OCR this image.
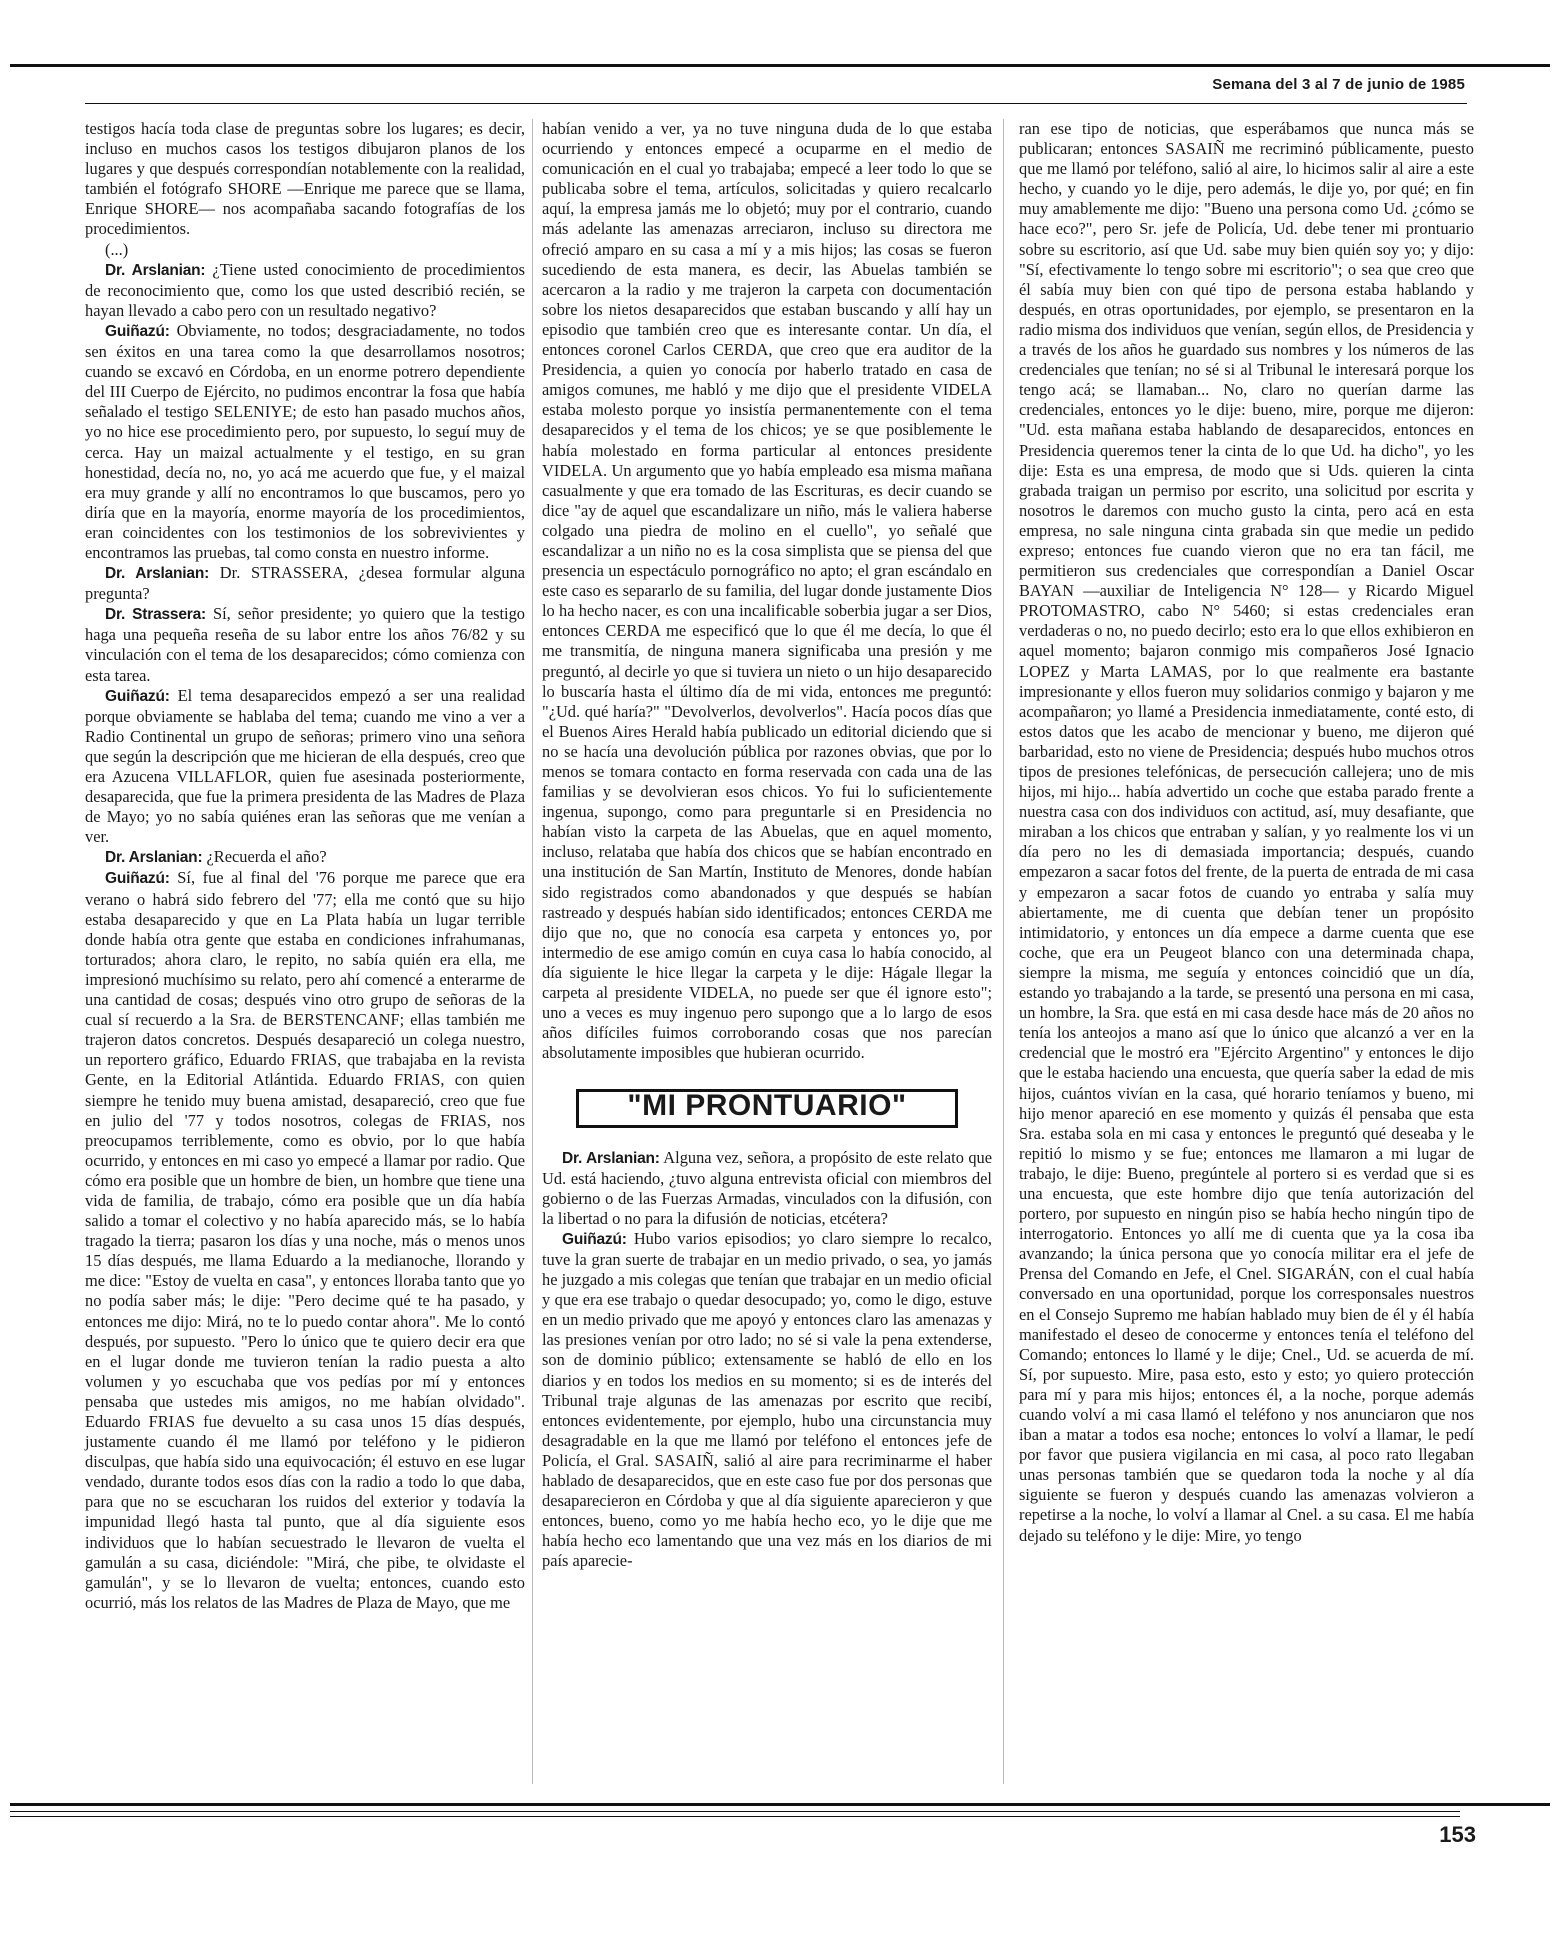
Semana del 3 al 7 de junio de 1985

testigos hacía toda clase de preguntas sobre los lugares; es decir, incluso en muchos casos los testigos dibujaron planos de los lugares y que después correspondían notablemente con la realidad, también el fotógrafo SHORE —Enrique me parece que se llama, Enrique SHORE— nos acompañaba sacando fotografías de los procedimientos.

(...)

Dr. Arslanian: ¿Tiene usted conocimiento de procedimientos de reconocimiento que, como los que usted describió recién, se hayan llevado a cabo pero con un resultado negativo?

Guiñazú: Obviamente, no todos; desgraciadamente, no todos sen éxitos en una tarea como la que desarrollamos nosotros; cuando se excavó en Córdoba, en un enorme potrero dependiente del III Cuerpo de Ejército, no pudimos encontrar la fosa que había señalado el testigo SELENIYE; de esto han pasado muchos años, yo no hice ese procedimiento pero, por supuesto, lo seguí muy de cerca. Hay un maizal actualmente y el testigo, en su gran honestidad, decía no, no, yo acá me acuerdo que fue, y el maizal era muy grande y allí no encontramos lo que buscamos, pero yo diría que en la mayoría, enorme mayoría de los procedimientos, eran coincidentes con los testimonios de los sobrevivientes y encontramos las pruebas, tal como consta en nuestro informe.

Dr. Arslanian: Dr. STRASSERA, ¿desea formular alguna pregunta?

Dr. Strassera: Sí, señor presidente; yo quiero que la testigo haga una pequeña reseña de su labor entre los años 76/82 y su vinculación con el tema de los desaparecidos; cómo comienza con esta tarea.

Guiñazú: El tema desaparecidos empezó a ser una realidad porque obviamente se hablaba del tema; cuando me vino a ver a Radio Continental un grupo de señoras; primero vino una señora que según la descripción que me hicieran de ella después, creo que era Azucena VILLAFLOR, quien fue asesinada posteriormente, desaparecida, que fue la primera presidenta de las Madres de Plaza de Mayo; yo no sabía quiénes eran las señoras que me venían a ver.

Dr. Arslanian: ¿Recuerda el año?

Guiñazú: Sí, fue al final del '76 porque me parece que era verano o habrá sido febrero del '77; ella me contó que su hijo estaba desaparecido y que en La Plata había un lugar terrible donde había otra gente que estaba en condiciones infrahumanas, torturados; ahora claro, le repito, no sabía quién era ella, me impresionó muchísimo su relato, pero ahí comencé a enterarme de una cantidad de cosas; después vino otro grupo de señoras de la cual sí recuerdo a la Sra. de BERSTENCANF; ellas también me trajeron datos concretos. Después desapareció un colega nuestro, un reportero gráfico, Eduardo FRIAS, que trabajaba en la revista Gente, en la Editorial Atlántida. Eduardo FRIAS, con quien siempre he tenido muy buena amistad, desapareció, creo que fue en julio del '77 y todos nosotros, colegas de FRIAS, nos preocupamos terriblemente, como es obvio, por lo que había ocurrido, y entonces en mi caso yo empecé a llamar por radio. Que cómo era posible que un hombre de bien, un hombre que tiene una vida de familia, de trabajo, cómo era posible que un día había salido a tomar el colectivo y no había aparecido más, se lo había tragado la tierra; pasaron los días y una noche, más o menos unos 15 días después, me llama Eduardo a la medianoche, llorando y me dice: "Estoy de vuelta en casa", y entonces lloraba tanto que yo no podía saber más; le dije: "Pero decime qué te ha pasado, y entonces me dijo: Mirá, no te lo puedo contar ahora". Me lo contó después, por supuesto. "Pero lo único que te quiero decir era que en el lugar donde me tuvieron tenían la radio puesta a alto volumen y yo escuchaba que vos pedías por mí y entonces pensaba que ustedes mis amigos, no me habían olvidado". Eduardo FRIAS fue devuelto a su casa unos 15 días después, justamente cuando él me llamó por teléfono y le pidieron disculpas, que había sido una equivocación; él estuvo en ese lugar vendado, durante todos esos días con la radio a todo lo que daba, para que no se escucharan los ruidos del exterior y todavía la impunidad llegó hasta tal punto, que al día siguiente esos individuos que lo habían secuestrado le llevaron de vuelta el gamulán a su casa, diciéndole: "Mirá, che pibe, te olvidaste el gamulán", y se lo llevaron de vuelta; entonces, cuando esto ocurrió, más los relatos de las Madres de Plaza de Mayo, que me

habían venido a ver, ya no tuve ninguna duda de lo que estaba ocurriendo y entonces empecé a ocuparme en el medio de comunicación en el cual yo trabajaba; empecé a leer todo lo que se publicaba sobre el tema, artículos, solicitadas y quiero recalcarlo aquí, la empresa jamás me lo objetó; muy por el contrario, cuando más adelante las amenazas arreciaron, incluso su directora me ofreció amparo en su casa a mí y a mis hijos; las cosas se fueron sucediendo de esta manera, es decir, las Abuelas también se acercaron a la radio y me trajeron la carpeta con documentación sobre los nietos desaparecidos que estaban buscando y allí hay un episodio que también creo que es interesante contar. Un día, el entonces coronel Carlos CERDA, que creo que era auditor de la Presidencia, a quien yo conocía por haberlo tratado en casa de amigos comunes, me habló y me dijo que el presidente VIDELA estaba molesto porque yo insistía permanentemente con el tema desaparecidos y el tema de los chicos; ye se que posiblemente le había molestado en forma particular al entonces presidente VIDELA. Un argumento que yo había empleado esa misma mañana casualmente y que era tomado de las Escrituras, es decir cuando se dice "ay de aquel que escandalizare un niño, más le valiera haberse colgado una piedra de molino en el cuello", yo señalé que escandalizar a un niño no es la cosa simplista que se piensa del que presencia un espectáculo pornográfico no apto; el gran escándalo en este caso es separarlo de su familia, del lugar donde justamente Dios lo ha hecho nacer, es con una incalificable soberbia jugar a ser Dios, entonces CERDA me especificó que lo que él me decía, lo que él me transmitía, de ninguna manera significaba una presión y me preguntó, al decirle yo que si tuviera un nieto o un hijo desaparecido lo buscaría hasta el último día de mi vida, entonces me preguntó: "¿Ud. qué haría?" "Devolverlos, devolverlos". Hacía pocos días que el Buenos Aires Herald había publicado un editorial diciendo que si no se hacía una devolución pública por razones obvias, que por lo menos se tomara contacto en forma reservada con cada una de las familias y se devolvieran esos chicos. Yo fui lo suficientemente ingenua, supongo, como para preguntarle si en Presidencia no habían visto la carpeta de las Abuelas, que en aquel momento, incluso, relataba que había dos chicos que se habían encontrado en una institución de San Martín, Instituto de Menores, donde habían sido registrados como abandonados y que después se habían rastreado y después habían sido identificados; entonces CERDA me dijo que no, que no conocía esa carpeta y entonces yo, por intermedio de ese amigo común en cuya casa lo había conocido, al día siguiente le hice llegar la carpeta y le dije: Hágale llegar la carpeta al presidente VIDELA, no puede ser que él ignore esto"; uno a veces es muy ingenuo pero supongo que a lo largo de esos años difíciles fuimos corroborando cosas que nos parecían absolutamente imposibles que hubieran ocurrido.

"MI PRONTUARIO"

Dr. Arslanian: Alguna vez, señora, a propósito de este relato que Ud. está haciendo, ¿tuvo alguna entrevista oficial con miembros del gobierno o de las Fuerzas Armadas, vinculados con la difusión, con la libertad o no para la difusión de noticias, etcétera?

Guiñazú: Hubo varios episodios; yo claro siempre lo recalco, tuve la gran suerte de trabajar en un medio privado, o sea, yo jamás he juzgado a mis colegas que tenían que trabajar en un medio oficial y que era ese trabajo o quedar desocupado; yo, como le digo, estuve en un medio privado que me apoyó y entonces claro las amenazas y las presiones venían por otro lado; no sé si vale la pena extenderse, son de dominio público; extensamente se habló de ello en los diarios y en todos los medios en su momento; si es de interés del Tribunal traje algunas de las amenazas por escrito que recibí, entonces evidentemente, por ejemplo, hubo una circunstancia muy desagradable en la que me llamó por teléfono el entonces jefe de Policía, el Gral. SASAIÑ, salió al aire para recriminarme el haber hablado de desaparecidos, que en este caso fue por dos personas que desaparecieron en Córdoba y que al día siguiente aparecieron y que entonces, bueno, como yo me había hecho eco, yo le dije que me había hecho eco lamentando que una vez más en los diarios de mi país aparecie-

ran ese tipo de noticias, que esperábamos que nunca más se publicaran; entonces SASAIÑ me recriminó públicamente, puesto que me llamó por teléfono, salió al aire, lo hicimos salir al aire a este hecho, y cuando yo le dije, pero además, le dije yo, por qué; en fin muy amablemente me dijo: "Bueno una persona como Ud. ¿cómo se hace eco?", pero Sr. jefe de Policía, Ud. debe tener mi prontuario sobre su escritorio, así que Ud. sabe muy bien quién soy yo; y dijo: "Sí, efectivamente lo tengo sobre mi escritorio"; o sea que creo que él sabía muy bien con qué tipo de persona estaba hablando y después, en otras oportunidades, por ejemplo, se presentaron en la radio misma dos individuos que venían, según ellos, de Presidencia y a través de los años he guardado sus nombres y los números de las credenciales que tenían; no sé si al Tribunal le interesará porque los tengo acá; se llamaban... No, claro no querían darme las credenciales, entonces yo le dije: bueno, mire, porque me dijeron: "Ud. esta mañana estaba hablando de desaparecidos, entonces en Presidencia queremos tener la cinta de lo que Ud. ha dicho", yo les dije: Esta es una empresa, de modo que si Uds. quieren la cinta grabada traigan un permiso por escrito, una solicitud por escrita y nosotros le daremos con mucho gusto la cinta, pero acá en esta empresa, no sale ninguna cinta grabada sin que medie un pedido expreso; entonces fue cuando vieron que no era tan fácil, me permitieron sus credenciales que correspondían a Daniel Oscar BAYAN —auxiliar de Inteligencia N° 128— y Ricardo Miguel PROTOMASTRO, cabo N° 5460; si estas credenciales eran verdaderas o no, no puedo decirlo; esto era lo que ellos exhibieron en aquel momento; bajaron conmigo mis compañeros José Ignacio LOPEZ y Marta LAMAS, por lo que realmente era bastante impresionante y ellos fueron muy solidarios conmigo y bajaron y me acompañaron; yo llamé a Presidencia inmediatamente, conté esto, di estos datos que les acabo de mencionar y bueno, me dijeron qué barbaridad, esto no viene de Presidencia; después hubo muchos otros tipos de presiones telefónicas, de persecución callejera; uno de mis hijos, mi hijo... había advertido un coche que estaba parado frente a nuestra casa con dos individuos con actitud, así, muy desafiante, que miraban a los chicos que entraban y salían, y yo realmente los vi un día pero no les di demasiada importancia; después, cuando empezaron a sacar fotos del frente, de la puerta de entrada de mi casa y empezaron a sacar fotos de cuando yo entraba y salía muy abiertamente, me di cuenta que debían tener un propósito intimidatorio, y entonces un día empece a darme cuenta que ese coche, que era un Peugeot blanco con una determinada chapa, siempre la misma, me seguía y entonces coincidió que un día, estando yo trabajando a la tarde, se presentó una persona en mi casa, un hombre, la Sra. que está en mi casa desde hace más de 20 años no tenía los anteojos a mano así que lo único que alcanzó a ver en la credencial que le mostró era "Ejército Argentino" y entonces le dijo que le estaba haciendo una encuesta, que quería saber la edad de mis hijos, cuántos vivían en la casa, qué horario teníamos y bueno, mi hijo menor apareció en ese momento y quizás él pensaba que esta Sra. estaba sola en mi casa y entonces le preguntó qué deseaba y le repitió lo mismo y se fue; entonces me llamaron a mi lugar de trabajo, le dije: Bueno, pregúntele al portero si es verdad que si es una encuesta, que este hombre dijo que tenía autorización del portero, por supuesto en ningún piso se había hecho ningún tipo de interrogatorio. Entonces yo allí me di cuenta que ya la cosa iba avanzando; la única persona que yo conocía militar era el jefe de Prensa del Comando en Jefe, el Cnel. SIGARÁN, con el cual había conversado en una oportunidad, porque los corresponsales nuestros en el Consejo Supremo me habían hablado muy bien de él y él había manifestado el deseo de conocerme y entonces tenía el teléfono del Comando; entonces lo llamé y le dije; Cnel., Ud. se acuerda de mí. Sí, por supuesto. Mire, pasa esto, esto y esto; yo quiero protección para mí y para mis hijos; entonces él, a la noche, porque además cuando volví a mi casa llamó el teléfono y nos anunciaron que nos iban a matar a todos esa noche; entonces lo volví a llamar, le pedí por favor que pusiera vigilancia en mi casa, al poco rato llegaban unas personas también que se quedaron toda la noche y al día siguiente se fueron y después cuando las amenazas volvieron a repetirse a la noche, lo volví a llamar al Cnel. a su casa. El me había dejado su teléfono y le dije: Mire, yo tengo

153
